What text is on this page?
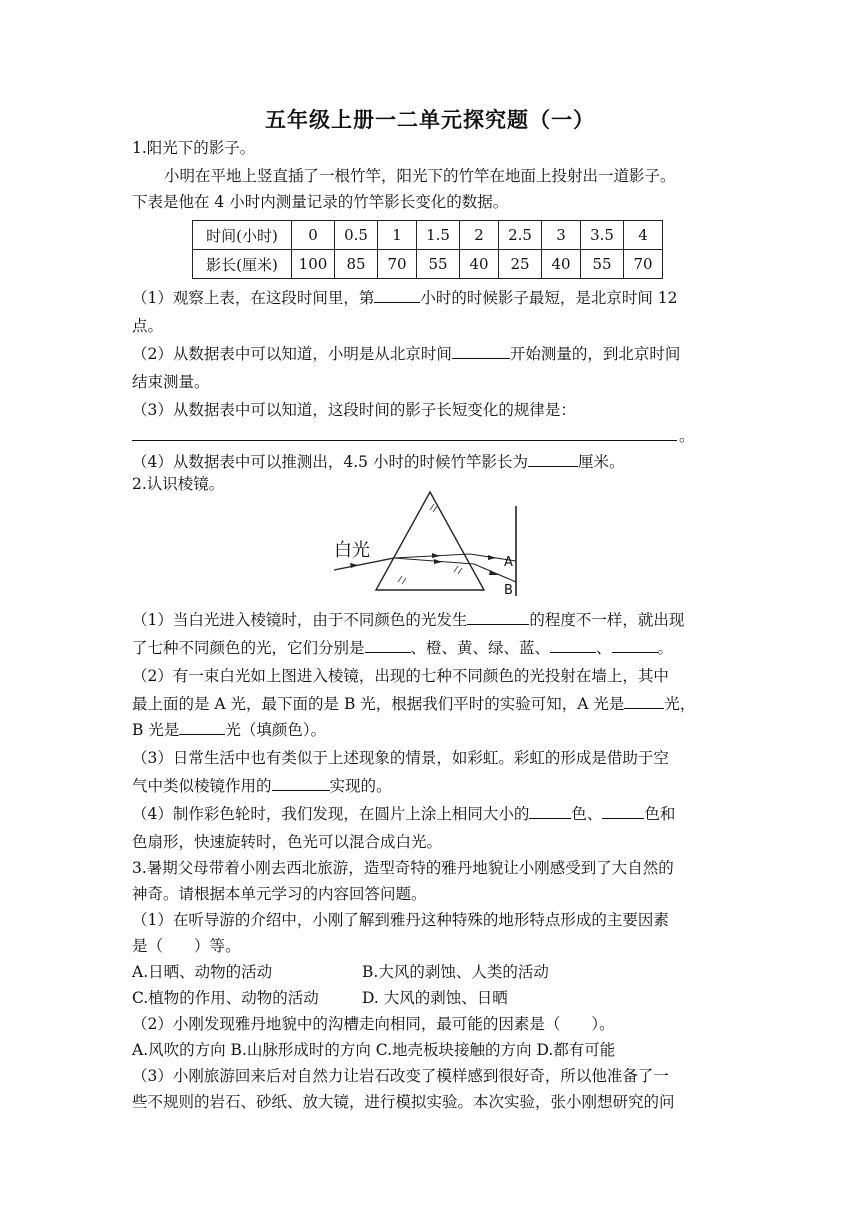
五年级上册一二单元探究题（一）
1.阳光下的影子。
小明在平地上竖直插了一根竹竿，阳光下的竹竿在地面上投射出一道影子。
下表是他在 4 小时内测量记录的竹竿影长变化的数据。
时间(小时)	0	0.5	1	1.5	2	2.5	3	3.5	4
影长(厘米)	100	85	70	55	40	25	40	55	70
（1）观察上表，在这段时间里，第	小时的时候影子最短，是北京时间 12
点。
（2）从数据表中可以知道，小明是从北京时间	开始测量的，到北京时间
结束测量。
（3）从数据表中可以知道，这段时间的影子长短变化的规律是：
。
（4）从数据表中可以推测出，4.5 小时的时候竹竿影长为	厘米。
2.认识棱镜。
白光
A
B
（1）当白光进入棱镜时，由于不同颜色的光发生	的程度不一样，就出现
了七种不同颜色的光，它们分别是	、橙、黄、绿、蓝、	、	。
（2）有一束白光如上图进入棱镜，出现的七种不同颜色的光投射在墙上，其中
最上面的是 A 光，最下面的是 B 光，根据我们平时的实验可知，A 光是	光，
B 光是	光（填颜色）。
（3）日常生活中也有类似于上述现象的情景，如彩虹。彩虹的形成是借助于空
气中类似棱镜作用的	实现的。
（4）制作彩色轮时，我们发现，在圆片上涂上相同大小的	色、	色和
色扇形，快速旋转时，色光可以混合成白光。
3.暑期父母带着小刚去西北旅游，造型奇特的雅丹地貌让小刚感受到了大自然的
神奇。请根据本单元学习的内容回答问题。
（1）在听导游的介绍中，小刚了解到雅丹这种特殊的地形特点形成的主要因素
是（　　）等。
A.日晒、动物的活动	B.大风的剥蚀、人类的活动
C.植物的作用、动物的活动	D. 大风的剥蚀、日晒
（2）小刚发现雅丹地貌中的沟槽走向相同，最可能的因素是（　　）。
A.风吹的方向 B.山脉形成时的方向 C.地壳板块接触的方向 D.都有可能
（3）小刚旅游回来后对自然力让岩石改变了模样感到很好奇，所以他准备了一
些不规则的岩石、砂纸、放大镜，进行模拟实验。本次实验，张小刚想研究的问
